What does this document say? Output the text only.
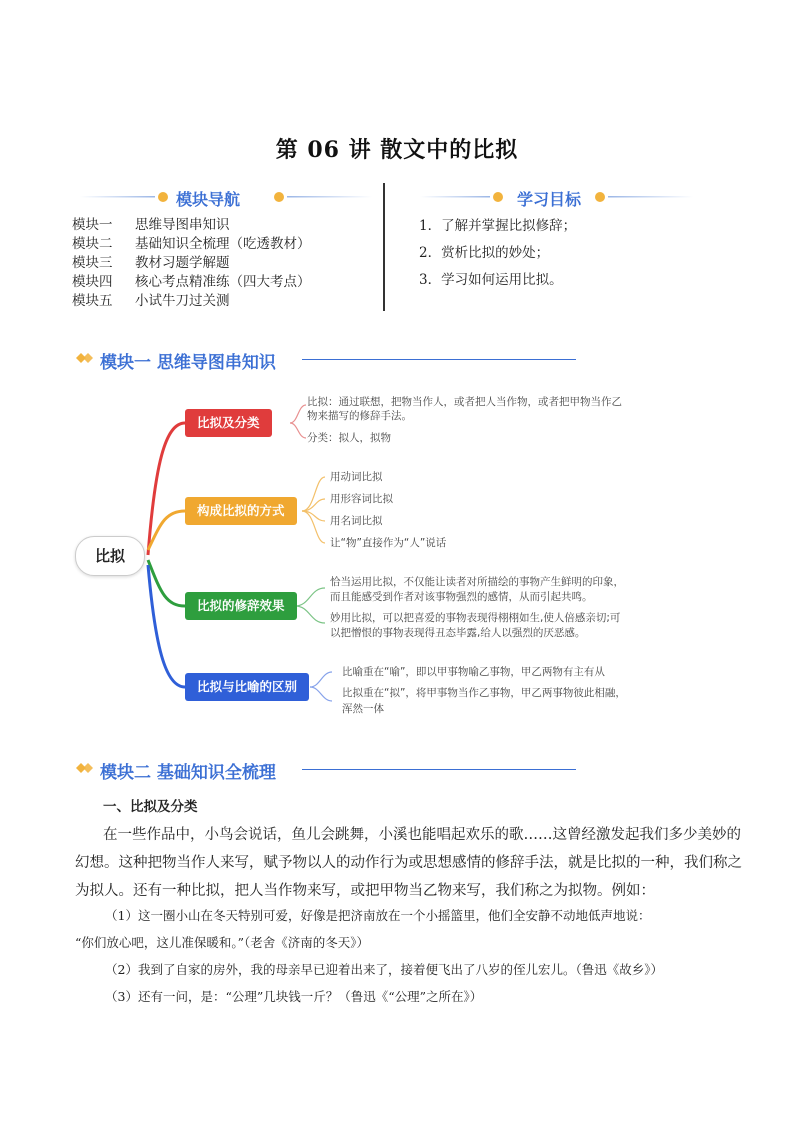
第 06 讲 散文中的比拟
模块导航
模块一 思维导图串知识
模块二 基础知识全梳理（吃透教材）
模块三 教材习题学解题
模块四 核心考点精准练（四大考点）
模块五 小试牛刀过关测
学习目标
1．了解并掌握比拟修辞；
2．赏析比拟的妙处；
3．学习如何运用比拟。
模块一 思维导图串知识
比拟
比拟及分类
构成比拟的方式
比拟的修辞效果
比拟与比喻的区别
比拟：通过联想，把物当作人，或者把人当作物，或者把甲物当作乙
物来描写的修辞手法。
分类：拟人，拟物
用动词比拟
用形容词比拟
用名词比拟
让“物”直接作为“人”说话
恰当运用比拟，不仅能让读者对所描绘的事物产生鲜明的印象，
而且能感受到作者对该事物强烈的感情，从而引起共鸣。
妙用比拟，可以把喜爱的事物表现得栩栩如生,使人倍感亲切;可
以把憎恨的事物表现得丑态毕露,给人以强烈的厌恶感。
比喻重在“喻”，即以甲事物喻乙事物，甲乙两物有主有从
比拟重在“拟”，将甲事物当作乙事物，甲乙两事物彼此相融，
浑然一体
模块二 基础知识全梳理
一、比拟及分类
在一些作品中，小鸟会说话，鱼儿会跳舞，小溪也能唱起欢乐的歌……这曾经激发起我们多少美妙的
幻想。这种把物当作人来写，赋予物以人的动作行为或思想感情的修辞手法，就是比拟的一种，我们称之
为拟人。还有一种比拟，把人当作物来写，或把甲物当乙物来写，我们称之为拟物。例如：
（1）这一圈小山在冬天特别可爱，好像是把济南放在一个小摇篮里，他们全安静不动地低声地说：
“你们放心吧，这儿准保暖和。”（老舍《济南的冬天》）
（2）我到了自家的房外，我的母亲早已迎着出来了，接着便飞出了八岁的侄儿宏儿。（鲁迅《故乡》）
（3）还有一问，是：“公理”几块钱一斤？（鲁迅《“公理”之所在》）
